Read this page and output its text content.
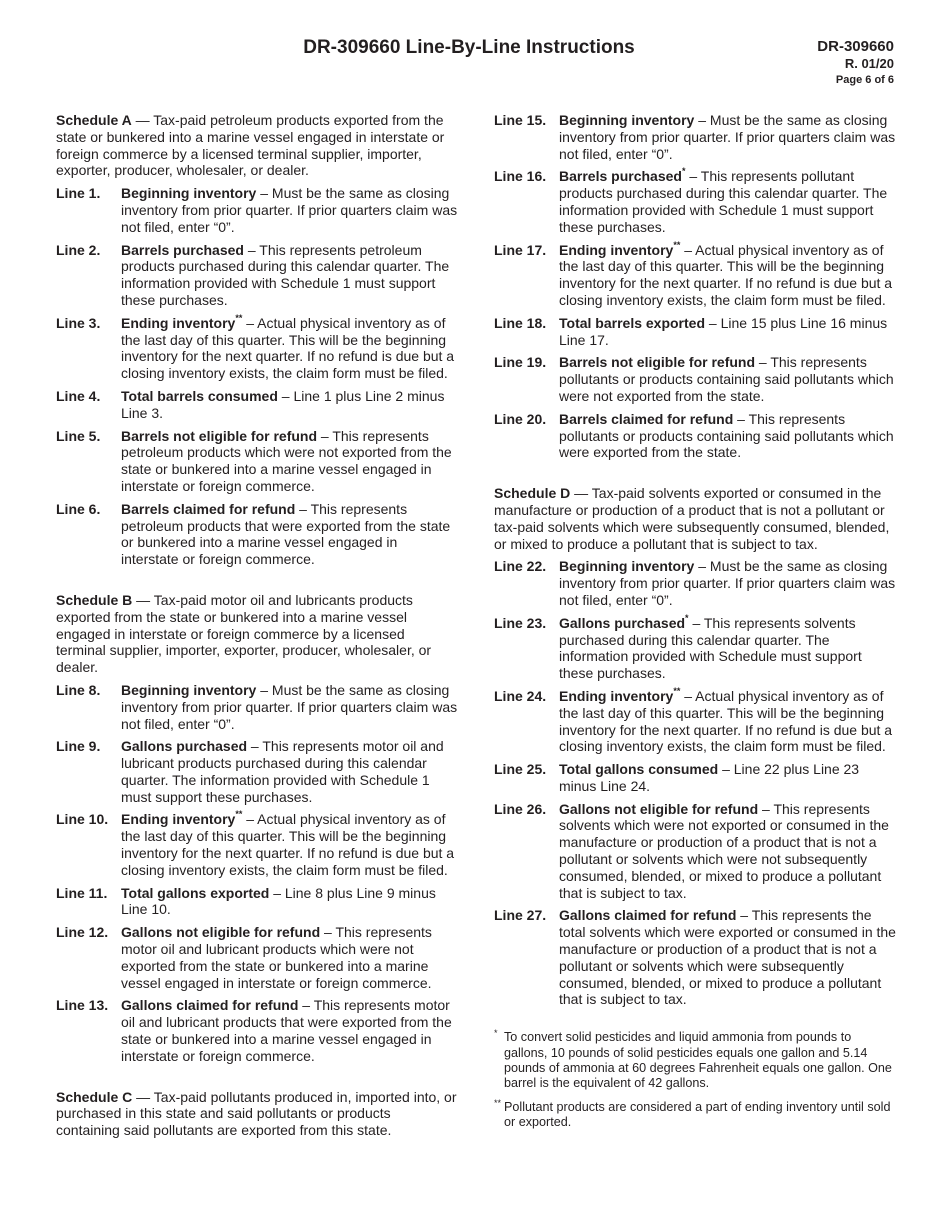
DR-309660 Line-By-Line Instructions	DR-309660
R. 01/20
Page 6 of 6
Schedule A — Tax-paid petroleum products exported from the state or bunkered into a marine vessel engaged in interstate or foreign commerce by a licensed terminal supplier, importer, exporter, producer, wholesaler, or dealer.
Line 1.	Beginning inventory – Must be the same as closing inventory from prior quarter. If prior quarters claim was not filed, enter “0”.
Line 2.	Barrels purchased – This represents petroleum products purchased during this calendar quarter. The information provided with Schedule 1 must support these purchases.
Line 3.	Ending inventory** – Actual physical inventory as of the last day of this quarter. This will be the beginning inventory for the next quarter. If no refund is due but a closing inventory exists, the claim form must be filed.
Line 4.	Total barrels consumed – Line 1 plus Line 2 minus Line 3.
Line 5.	Barrels not eligible for refund – This represents petroleum products which were not exported from the state or bunkered into a marine vessel engaged in interstate or foreign commerce.
Line 6.	Barrels claimed for refund – This represents petroleum products that were exported from the state or bunkered into a marine vessel engaged in interstate or foreign commerce.
Schedule B — Tax-paid motor oil and lubricants products exported from the state or bunkered into a marine vessel engaged in interstate or foreign commerce by a licensed terminal supplier, importer, exporter, producer, wholesaler, or dealer.
Line 8.	Beginning inventory – Must be the same as closing inventory from prior quarter. If prior quarters claim was not filed, enter “0”.
Line 9.	Gallons purchased – This represents motor oil and lubricant products purchased during this calendar quarter. The information provided with Schedule 1 must support these purchases.
Line 10. Ending inventory** – Actual physical inventory as of the last day of this quarter. This will be the beginning inventory for the next quarter. If no refund is due but a closing inventory exists, the claim form must be filed.
Line 11. Total gallons exported – Line 8 plus Line 9 minus Line 10.
Line 12. Gallons not eligible for refund – This represents motor oil and lubricant products which were not exported from the state or bunkered into a marine vessel engaged in interstate or foreign commerce.
Line 13. Gallons claimed for refund – This represents motor oil and lubricant products that were exported from the state or bunkered into a marine vessel engaged in interstate or foreign commerce.
Schedule C — Tax-paid pollutants produced in, imported into, or purchased in this state and said pollutants or products containing said pollutants are exported from this state.
Line 15. Beginning inventory – Must be the same as closing inventory from prior quarter. If prior quarters claim was not filed, enter “0”.
Line 16. Barrels purchased* – This represents pollutant products purchased during this calendar quarter. The information provided with Schedule 1 must support these purchases.
Line 17. Ending inventory** – Actual physical inventory as of the last day of this quarter. This will be the beginning inventory for the next quarter. If no refund is due but a closing inventory exists, the claim form must be filed.
Line 18. Total barrels exported – Line 15 plus Line 16 minus Line 17.
Line 19. Barrels not eligible for refund – This represents pollutants or products containing said pollutants which were not exported from the state.
Line 20. Barrels claimed for refund – This represents pollutants or products containing said pollutants which were exported from the state.
Schedule D — Tax-paid solvents exported or consumed in the manufacture or production of a product that is not a pollutant or tax-paid solvents which were subsequently consumed, blended, or mixed to produce a pollutant that is subject to tax.
Line 22. Beginning inventory – Must be the same as closing inventory from prior quarter. If prior quarters claim was not filed, enter “0”.
Line 23. Gallons purchased* – This represents solvents purchased during this calendar quarter. The information provided with Schedule must support these purchases.
Line 24. Ending inventory** – Actual physical inventory as of the last day of this quarter. This will be the beginning inventory for the next quarter. If no refund is due but a closing inventory exists, the claim form must be filed.
Line 25. Total gallons consumed – Line 22 plus Line 23 minus Line 24.
Line 26. Gallons not eligible for refund – This represents solvents which were not exported or consumed in the manufacture or production of a product that is not a pollutant or solvents which were not subsequently consumed, blended, or mixed to produce a pollutant that is subject to tax.
Line 27. Gallons claimed for refund – This represents the total solvents which were exported or consumed in the manufacture or production of a product that is not a pollutant or solvents which were subsequently consumed, blended, or mixed to produce a pollutant that is subject to tax.
* To convert solid pesticides and liquid ammonia from pounds to gallons, 10 pounds of solid pesticides equals one gallon and 5.14 pounds of ammonia at 60 degrees Fahrenheit equals one gallon. One barrel is the equivalent of 42 gallons.
** Pollutant products are considered a part of ending inventory until sold or exported.
